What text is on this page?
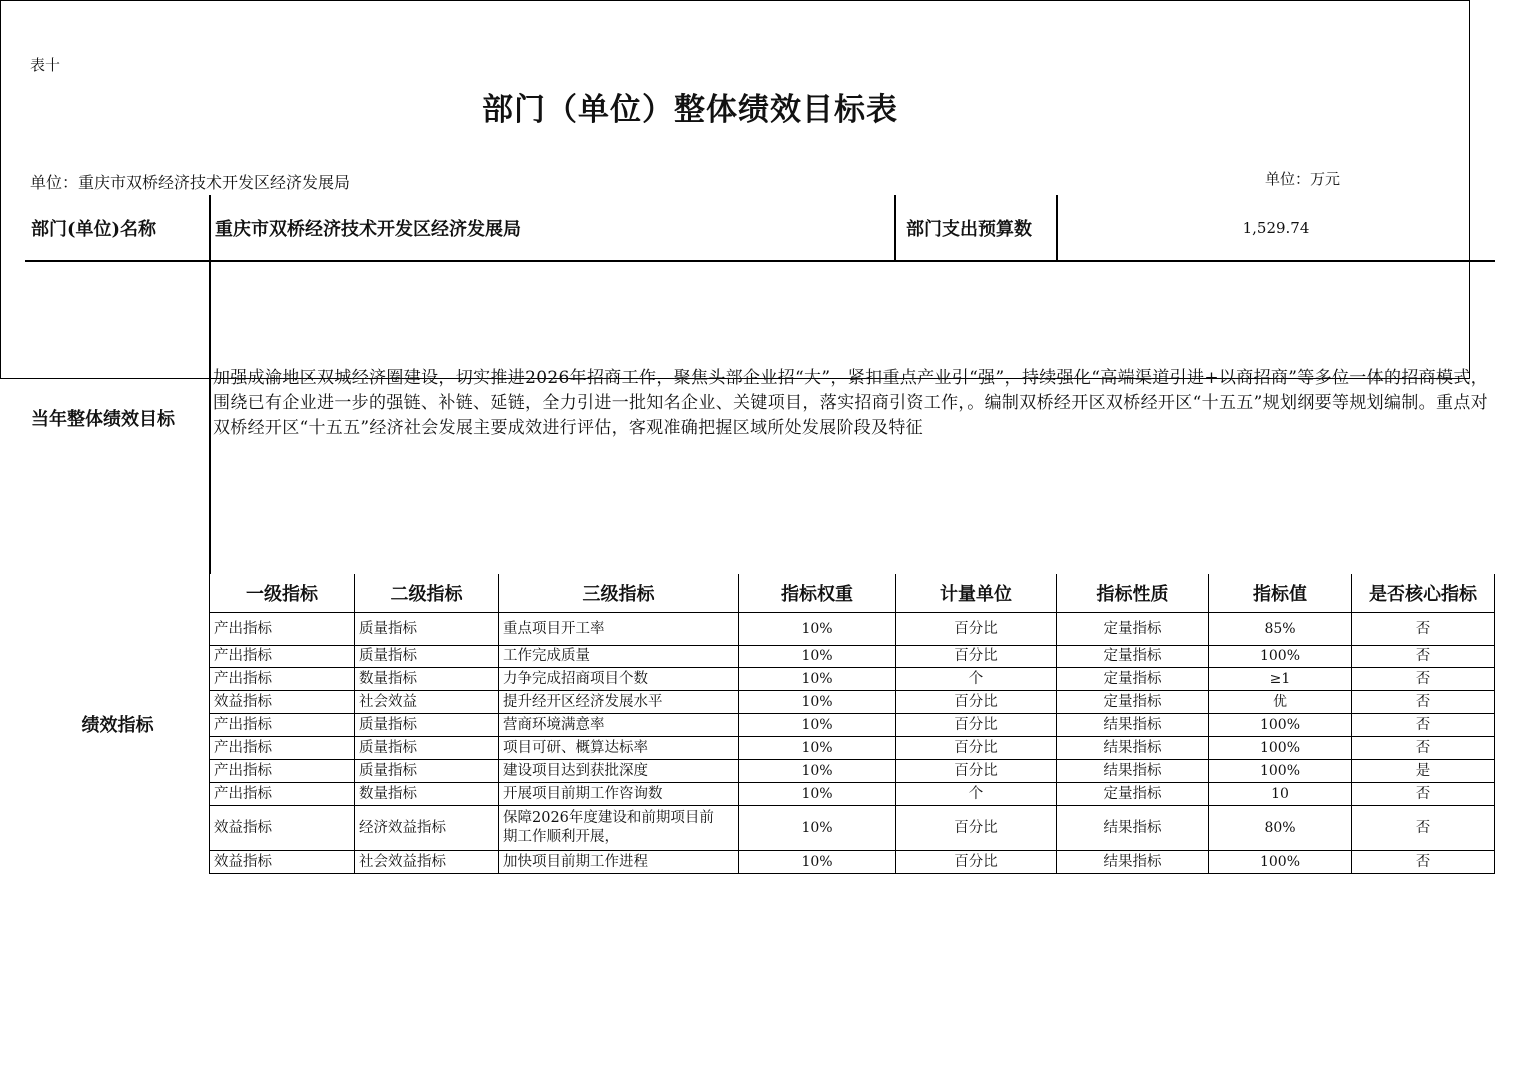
表十
部门（单位）整体绩效目标表
单位：重庆市双桥经济技术开发区经济发展局	单位：万元
部门(单位)名称	重庆市双桥经济技术开发区经济发展局	部门支出预算数	1,529.74
当年整体绩效目标
加强成渝地区双城经济圈建设，切实推进2026年招商工作，聚焦头部企业招“大”，紧扣重点产业引“强”，持续强化“高端渠道引进+以商招商”等多位一体的招商模式，围绕已有企业进一步的强链、补链、延链，全力引进一批知名企业、关键项目，落实招商引资工作，。编制双桥经开区双桥经开区“十五五”规划纲要等规划编制。重点对双桥经开区“十五五”经济社会发展主要成效进行评估，客观准确把握区域所处发展阶段及特征
绩效指标
一级指标	二级指标	三级指标	指标权重	计量单位	指标性质	指标值	是否核心指标
产出指标	质量指标	重点项目开工率	10%	百分比	定量指标	85%	否
产出指标	质量指标	工作完成质量	10%	百分比	定量指标	100%	否
产出指标	数量指标	力争完成招商项目个数	10%	个	定量指标	≥1	否
效益指标	社会效益	提升经开区经济发展水平	10%	百分比	定量指标	优	否
产出指标	质量指标	营商环境满意率	10%	百分比	结果指标	100%	否
产出指标	质量指标	项目可研、概算达标率	10%	百分比	结果指标	100%	否
产出指标	质量指标	建设项目达到获批深度	10%	百分比	结果指标	100%	是
产出指标	数量指标	开展项目前期工作咨询数	10%	个	定量指标	10	否
效益指标	经济效益指标	保障2026年度建设和前期项目前期工作顺利开展，	10%	百分比	结果指标	80%	否
效益指标	社会效益指标	加快项目前期工作进程	10%	百分比	结果指标	100%	否
